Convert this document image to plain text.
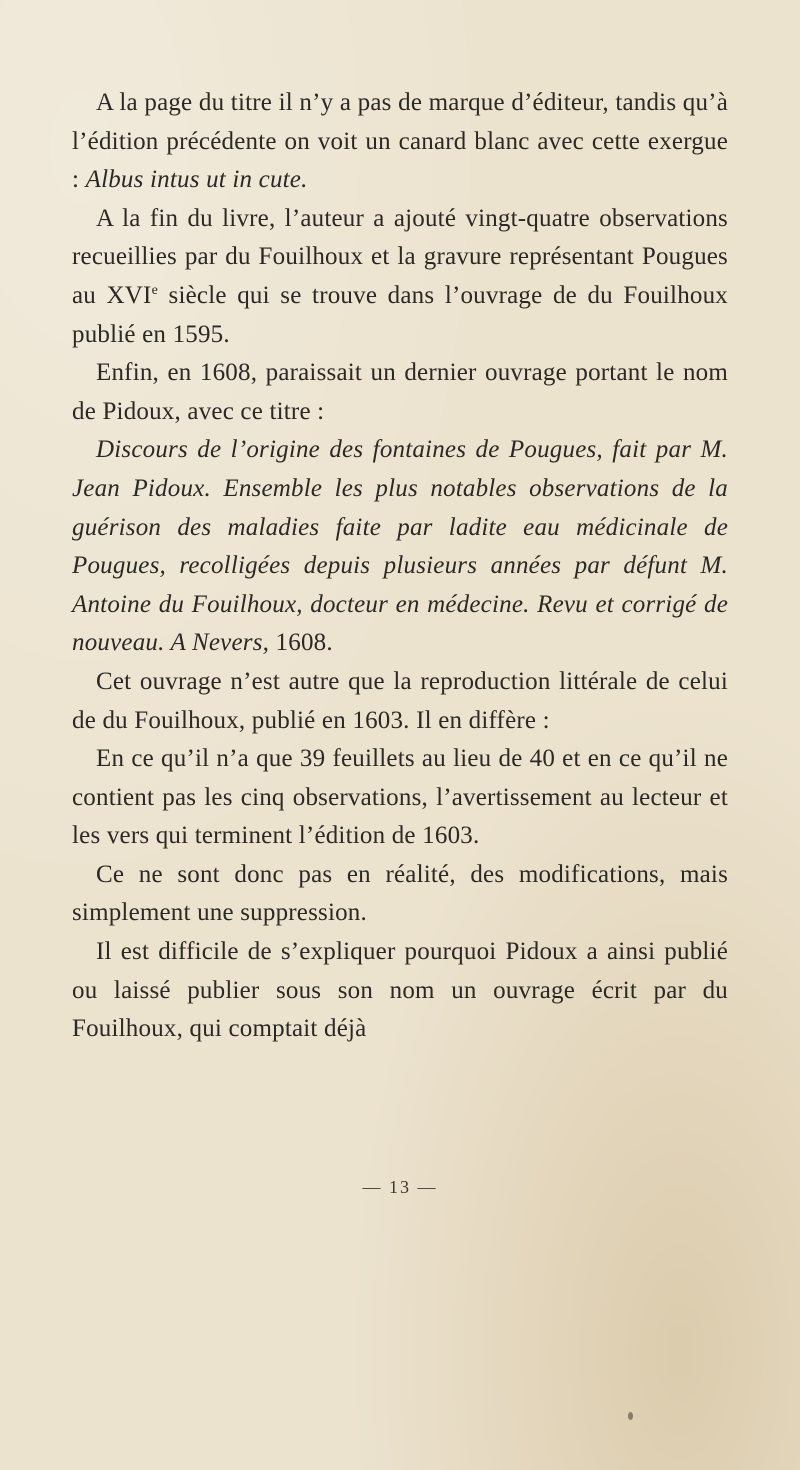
A la page du titre il n’y a pas de marque d’éditeur, tandis qu’à l’édition précédente on voit un canard blanc avec cette exergue : Albus intus ut in cute.

A la fin du livre, l’auteur a ajouté vingt-quatre observations recueillies par du Fouilhoux et la gravure représentant Pougues au XVIe siècle qui se trouve dans l’ouvrage de du Fouilhoux publié en 1595.

Enfin, en 1608, paraissait un dernier ouvrage portant le nom de Pidoux, avec ce titre :

Discours de l’origine des fontaines de Pougues, fait par M. Jean Pidoux. Ensemble les plus notables observations de la guérison des maladies faite par ladite eau médicinale de Pougues, recolligées depuis plusieurs années par défunt M. Antoine du Fouilhoux, docteur en médecine. Revu et corrigé de nouveau. A Nevers, 1608.

Cet ouvrage n’est autre que la reproduction littérale de celui de du Fouilhoux, publié en 1603. Il en diffère :

En ce qu’il n’a que 39 feuillets au lieu de 40 et en ce qu’il ne contient pas les cinq observations, l’avertissement au lecteur et les vers qui terminent l’édition de 1603.

Ce ne sont donc pas en réalité, des modifications, mais simplement une suppression.

Il est difficile de s’expliquer pourquoi Pidoux a ainsi publié ou laissé publier sous son nom un ouvrage écrit par du Fouilhoux, qui comptait déjà

— 13 —
